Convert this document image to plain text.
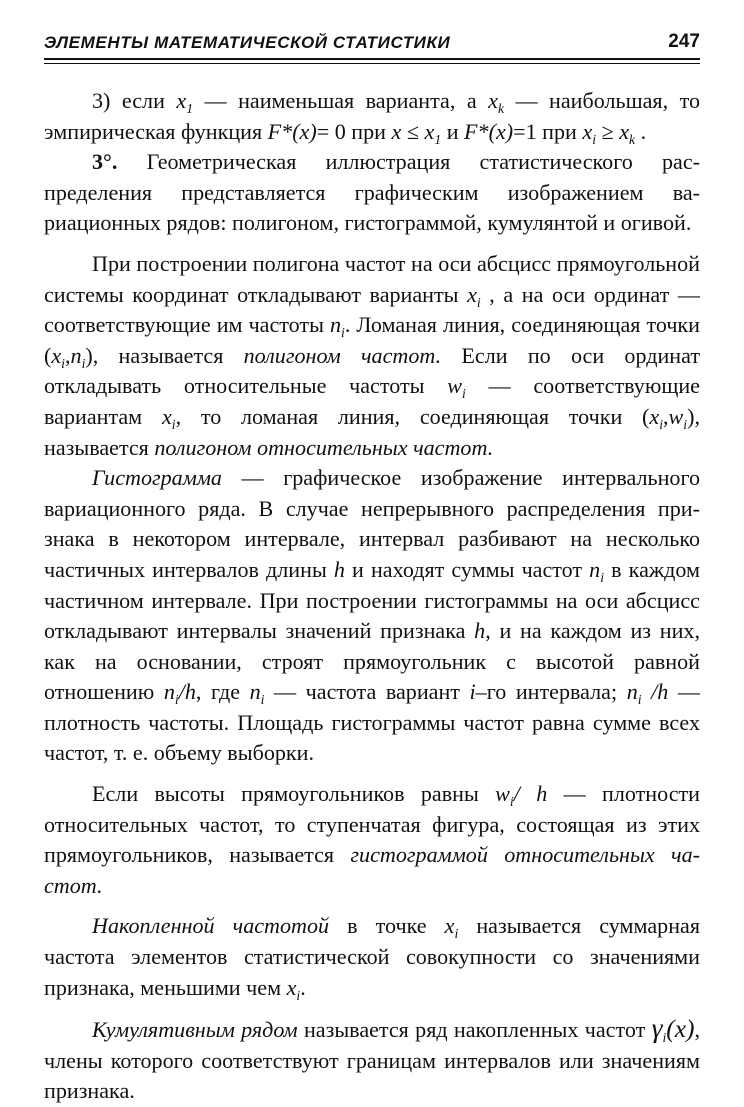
ЭЛЕМЕНТЫ МАТЕМАТИЧЕСКОЙ СТАТИСТИКИ	247

3) если $x_1$ — наименьшая варианта, а $x_k$ — наибольшая, то эмпирическая функция F*(x)= 0 при $x \le x_1$ и F*(x)=1 при $x_i \ge x_k$ .

3°. Геометрическая иллюстрация статистического распределения представляется графическим изображением вариационных рядов: полигоном, гистограммой, кумулянтой и огивой.

При построении полигона частот на оси абсцисс прямоугольной системы координат откладывают варианты $x_i$ , а на оси ординат — соответствующие им частоты $n_i$. Ломаная линия, соединяющая точки $(x_i,n_i)$, называется полигоном частот. Если по оси ординат откладывать относительные частоты $w_i$ — соответствующие вариантам $x_i$, то ломаная линия, соединяющая точки $(x_i,w_i)$, называется полигоном относительных частот.

Гистограмма — графическое изображение интервального вариационного ряда. В случае непрерывного распределения признака в некотором интервале, интервал разбивают на несколько частичных интервалов длины h и находят суммы частот $n_i$ в каждом частичном интервале. При построении гистограммы на оси абсцисс откладывают интервалы значений признака h, и на каждом из них, как на основании, строят прямоугольник с высотой равной отношению $n_i/h$, где $n_i$ — частота вариант i–го интервала; $n_i$ /h — плотность частоты. Площадь гистограммы частот равна сумме всех частот, т. е. объему выборки.

Если высоты прямоугольников равны $w_i/$ h — плотности относительных частот, то ступенчатая фигура, состоящая из этих прямоугольников, называется гистограммой относительных частот.

Накопленной частотой в точке $x_i$ называется суммарная частота элементов статистической совокупности со значениями признака, меньшими чем $x_i$.

Кумулятивным рядом называется ряд накопленных частот $\gamma_i(x)$, члены которого соответствуют границам интервалов или значениям признака.
